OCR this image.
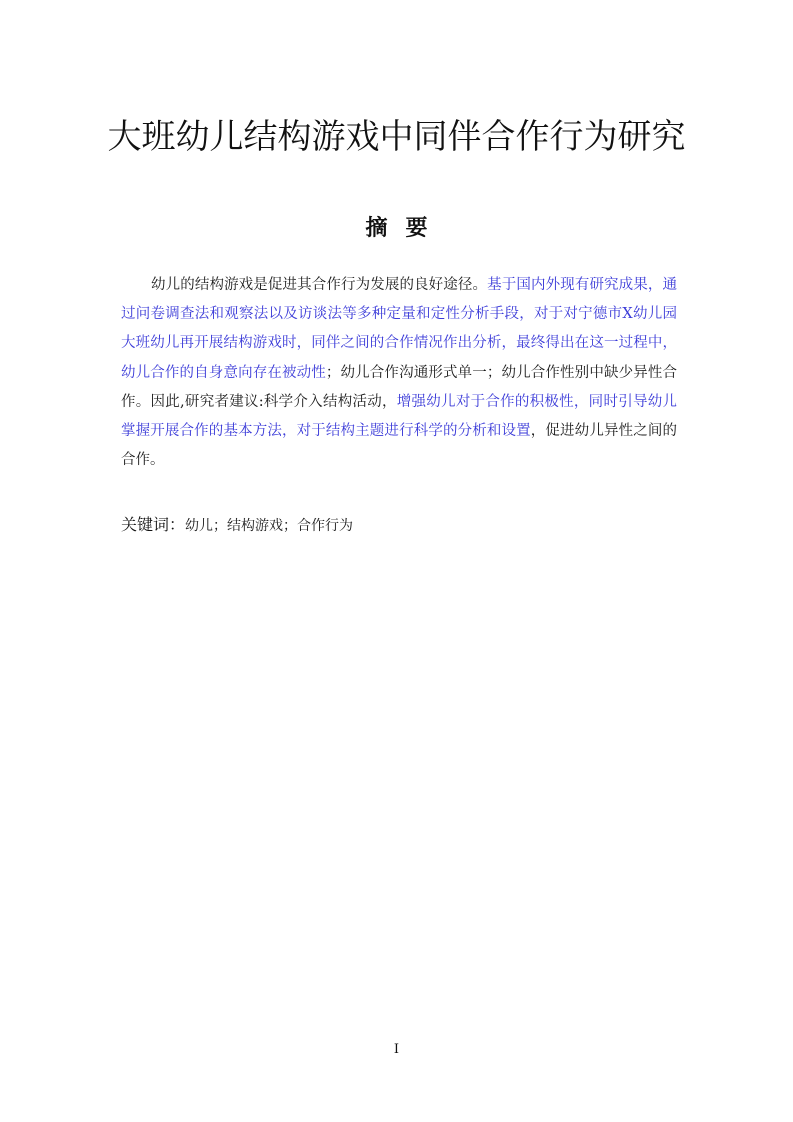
大班幼儿结构游戏中同伴合作行为研究
摘要

幼儿的结构游戏是促进其合作行为发展的良好途径。基于国内外现有研究成果，通过问卷调查法和观察法以及访谈法等多种定量和定性分析手段，对于对宁德市X幼儿园大班幼儿再开展结构游戏时，同伴之间的合作情况作出分析，最终得出在这一过程中，幼儿合作的自身意向存在被动性；幼儿合作沟通形式单一；幼儿合作性别中缺少异性合作。因此,研究者建议:科学介入结构活动，增强幼儿对于合作的积极性，同时引导幼儿掌握开展合作的基本方法，对于结构主题进行科学的分析和设置，促进幼儿异性之间的合作。

关键词：幼儿；结构游戏；合作行为

I
